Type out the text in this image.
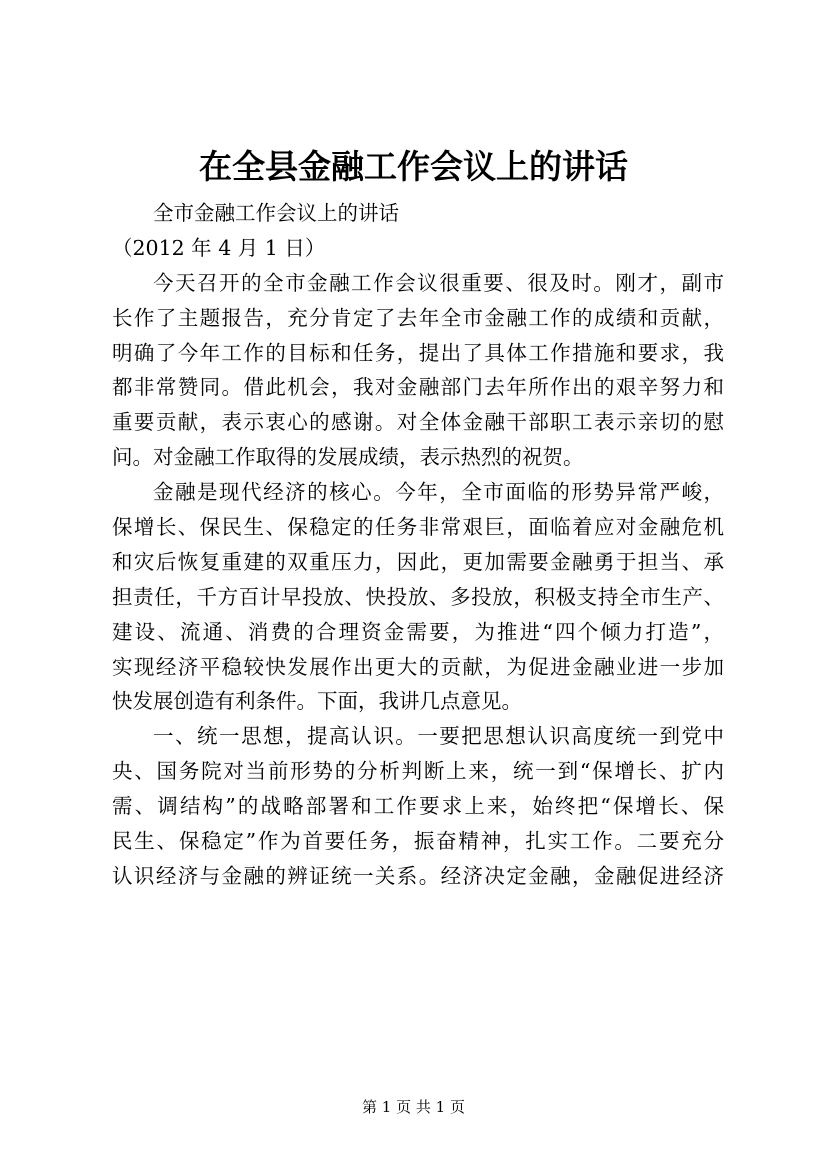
在全县金融工作会议上的讲话
全市金融工作会议上的讲话
（2012 年 4 月 1 日）
今天召开的全市金融工作会议很重要、很及时。刚才，副市
长作了主题报告，充分肯定了去年全市金融工作的成绩和贡献，
明确了今年工作的目标和任务，提出了具体工作措施和要求，我
都非常赞同。借此机会，我对金融部门去年所作出的艰辛努力和
重要贡献，表示衷心的感谢。对全体金融干部职工表示亲切的慰
问。对金融工作取得的发展成绩，表示热烈的祝贺。
金融是现代经济的核心。今年，全市面临的形势异常严峻，
保增长、保民生、保稳定的任务非常艰巨，面临着应对金融危机
和灾后恢复重建的双重压力，因此，更加需要金融勇于担当、承
担责任，千方百计早投放、快投放、多投放，积极支持全市生产、
建设、流通、消费的合理资金需要，为推进“四个倾力打造”，
实现经济平稳较快发展作出更大的贡献，为促进金融业进一步加
快发展创造有利条件。下面，我讲几点意见。
一、统一思想，提高认识。一要把思想认识高度统一到党中
央、国务院对当前形势的分析判断上来，统一到“保增长、扩内
需、调结构”的战略部署和工作要求上来，始终把“保增长、保
民生、保稳定”作为首要任务，振奋精神，扎实工作。二要充分
认识经济与金融的辨证统一关系。经济决定金融，金融促进经济
第 1 页 共 1 页
